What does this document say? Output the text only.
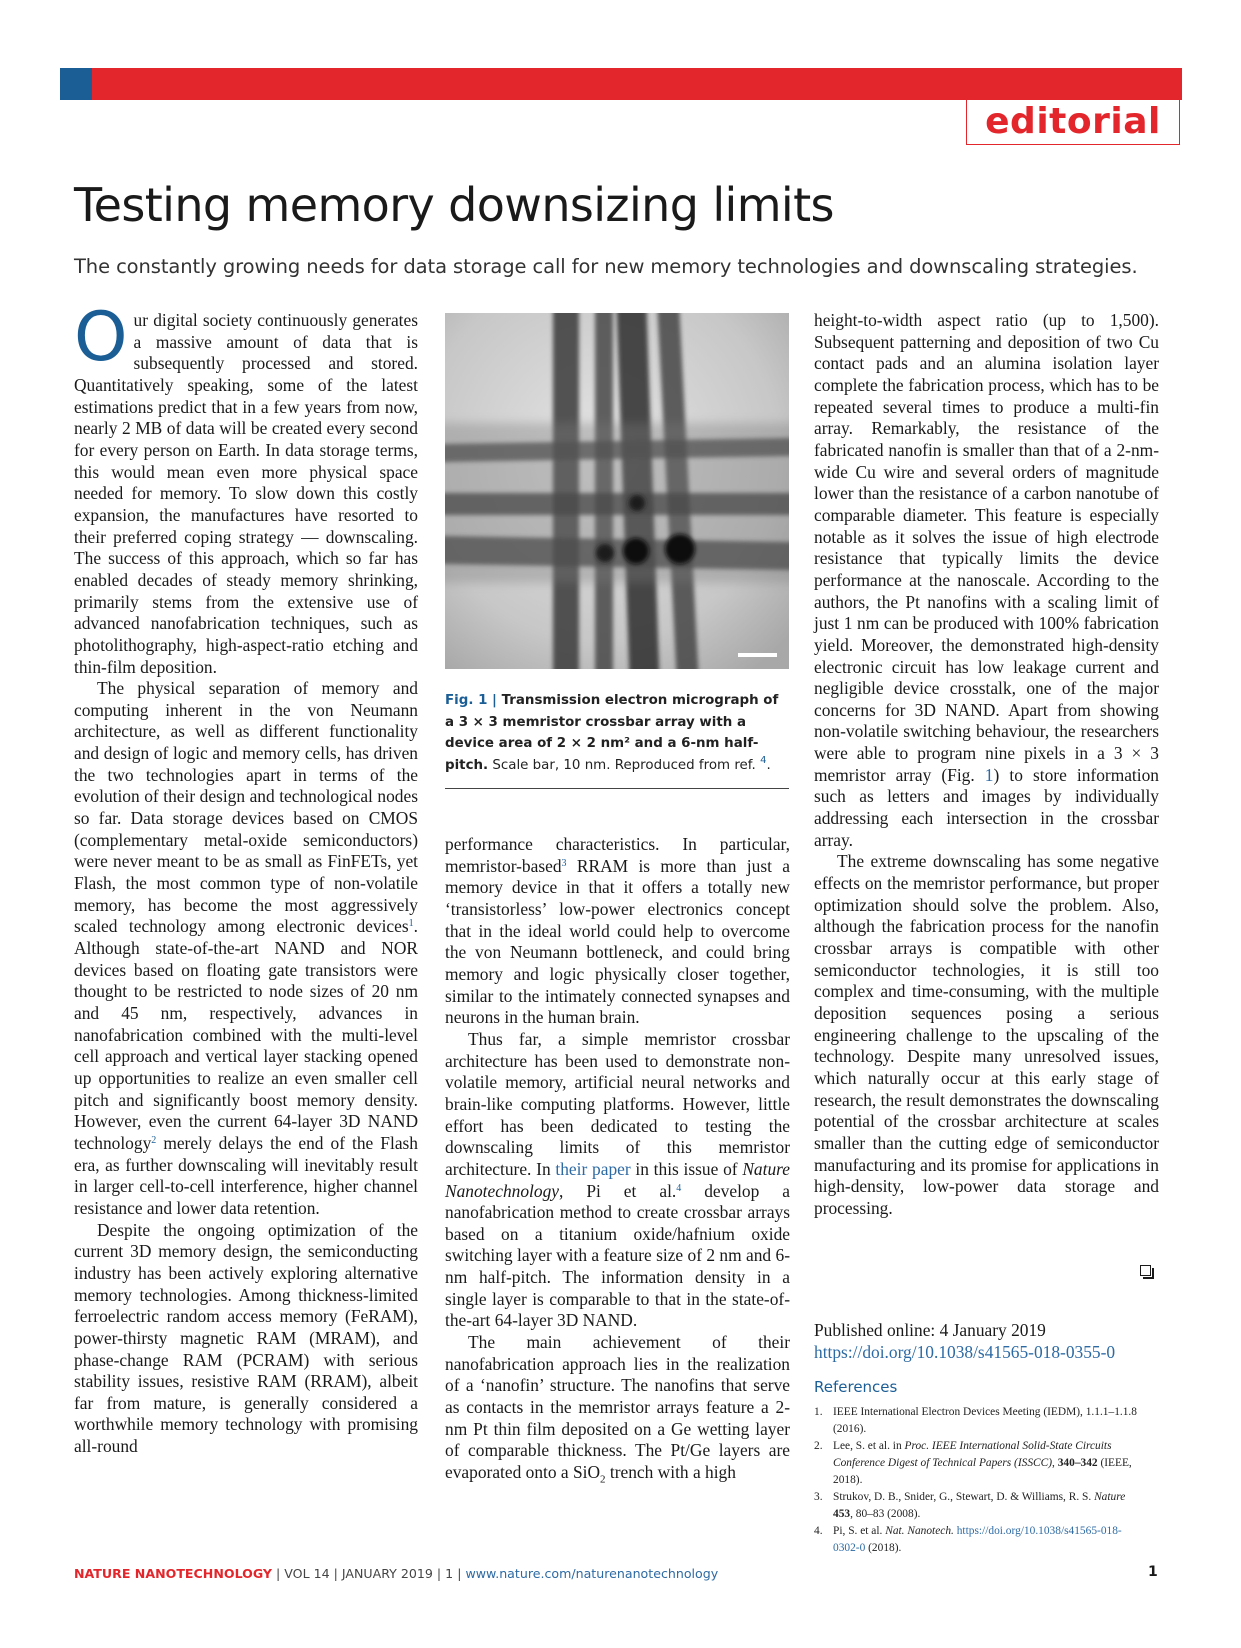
editorial
Testing memory downsizing limits

The constantly growing needs for data storage call for new memory technologies and downscaling strategies.

Our digital society continuously generates a massive amount of data that is subsequently processed and stored. Quantitatively speaking, some of the latest estimations predict that in a few years from now, nearly 2 MB of data will be created every second for every person on Earth. In data storage terms, this would mean even more physical space needed for memory. To slow down this costly expansion, the manufactures have resorted to their preferred coping strategy — downscaling. The success of this approach, which so far has enabled decades of steady memory shrinking, primarily stems from the extensive use of advanced nanofabrication techniques, such as photolithography, high-aspect-ratio etching and thin-film deposition.

The physical separation of memory and computing inherent in the von Neumann architecture, as well as different functionality and design of logic and memory cells, has driven the two technologies apart in terms of the evolution of their design and technological nodes so far. Data storage devices based on CMOS (complementary metal-oxide semiconductors) were never meant to be as small as FinFETs, yet Flash, the most common type of non-volatile memory, has become the most aggressively scaled technology among electronic devices$^1$. Although state-of-the-art NAND and NOR devices based on floating gate transistors were thought to be restricted to node sizes of 20 nm and 45 nm, respectively, advances in nanofabrication combined with the multi-level cell approach and vertical layer stacking opened up opportunities to realize an even smaller cell pitch and significantly boost memory density. However, even the current 64-layer 3D NAND technology$^2$ merely delays the end of the Flash era, as further downscaling will inevitably result in larger cell-to-cell interference, higher channel resistance and lower data retention.

Despite the ongoing optimization of the current 3D memory design, the semiconducting industry has been actively exploring alternative memory technologies. Among thickness-limited ferroelectric random access memory (FeRAM), power-thirsty magnetic RAM (MRAM), and phase-change RAM (PCRAM) with serious stability issues, resistive RAM (RRAM), albeit far from mature, is generally considered a worthwhile memory technology with promising all-round

Fig. 1 | Transmission electron micrograph of a 3 × 3 memristor crossbar array with a device area of 2 × 2 nm² and a 6-nm half-pitch. Scale bar, 10 nm. Reproduced from ref. $^4$.

performance characteristics. In particular, memristor-based$^3$ RRAM is more than just a memory device in that it offers a totally new ‘transistorless’ low-power electronics concept that in the ideal world could help to overcome the von Neumann bottleneck, and could bring memory and logic physically closer together, similar to the intimately connected synapses and neurons in the human brain.

Thus far, a simple memristor crossbar architecture has been used to demonstrate non-volatile memory, artificial neural networks and brain-like computing platforms. However, little effort has been dedicated to testing the downscaling limits of this memristor architecture. In their paper in this issue of Nature Nanotechnology, Pi et al.$^4$ develop a nanofabrication method to create crossbar arrays based on a titanium oxide/hafnium oxide switching layer with a feature size of 2 nm and 6-nm half-pitch. The information density in a single layer is comparable to that in the state-of-the-art 64-layer 3D NAND.

The main achievement of their nanofabrication approach lies in the realization of a ‘nanofin’ structure. The nanofins that serve as contacts in the memristor arrays feature a 2-nm Pt thin film deposited on a Ge wetting layer of comparable thickness. The Pt/Ge layers are evaporated onto a SiO$_2$ trench with a high

height-to-width aspect ratio (up to 1,500). Subsequent patterning and deposition of two Cu contact pads and an alumina isolation layer complete the fabrication process, which has to be repeated several times to produce a multi-fin array. Remarkably, the resistance of the fabricated nanofin is smaller than that of a 2-nm-wide Cu wire and several orders of magnitude lower than the resistance of a carbon nanotube of comparable diameter. This feature is especially notable as it solves the issue of high electrode resistance that typically limits the device performance at the nanoscale. According to the authors, the Pt nanofins with a scaling limit of just 1 nm can be produced with 100% fabrication yield. Moreover, the demonstrated high-density electronic circuit has low leakage current and negligible device crosstalk, one of the major concerns for 3D NAND. Apart from showing non-volatile switching behaviour, the researchers were able to program nine pixels in a 3 × 3 memristor array (Fig. 1) to store information such as letters and images by individually addressing each intersection in the crossbar array.

The extreme downscaling has some negative effects on the memristor performance, but proper optimization should solve the problem. Also, although the fabrication process for the nanofin crossbar arrays is compatible with other semiconductor technologies, it is still too complex and time-consuming, with the multiple deposition sequences posing a serious engineering challenge to the upscaling of the technology. Despite many unresolved issues, which naturally occur at this early stage of research, the result demonstrates the downscaling potential of the crossbar architecture at scales smaller than the cutting edge of semiconductor manufacturing and its promise for applications in high-density, low-power data storage and processing.

Published online: 4 January 2019
https://doi.org/10.1038/s41565-018-0355-0
References
1. IEEE International Electron Devices Meeting (IEDM), 1.1.1–1.1.8 (2016).
2. Lee, S. et al. in Proc. IEEE International Solid-State Circuits Conference Digest of Technical Papers (ISSCC), 340–342 (IEEE, 2018).
3. Strukov, D. B., Snider, G., Stewart, D. & Williams, R. S. Nature 453, 80–83 (2008).
4. Pi, S. et al. Nat. Nanotech. https://doi.org/10.1038/s41565-018-0302-0 (2018).
NATURE NANOTECHNOLOGY | VOL 14 | JANUARY 2019 | 1 | www.nature.com/naturenanotechnology	1
